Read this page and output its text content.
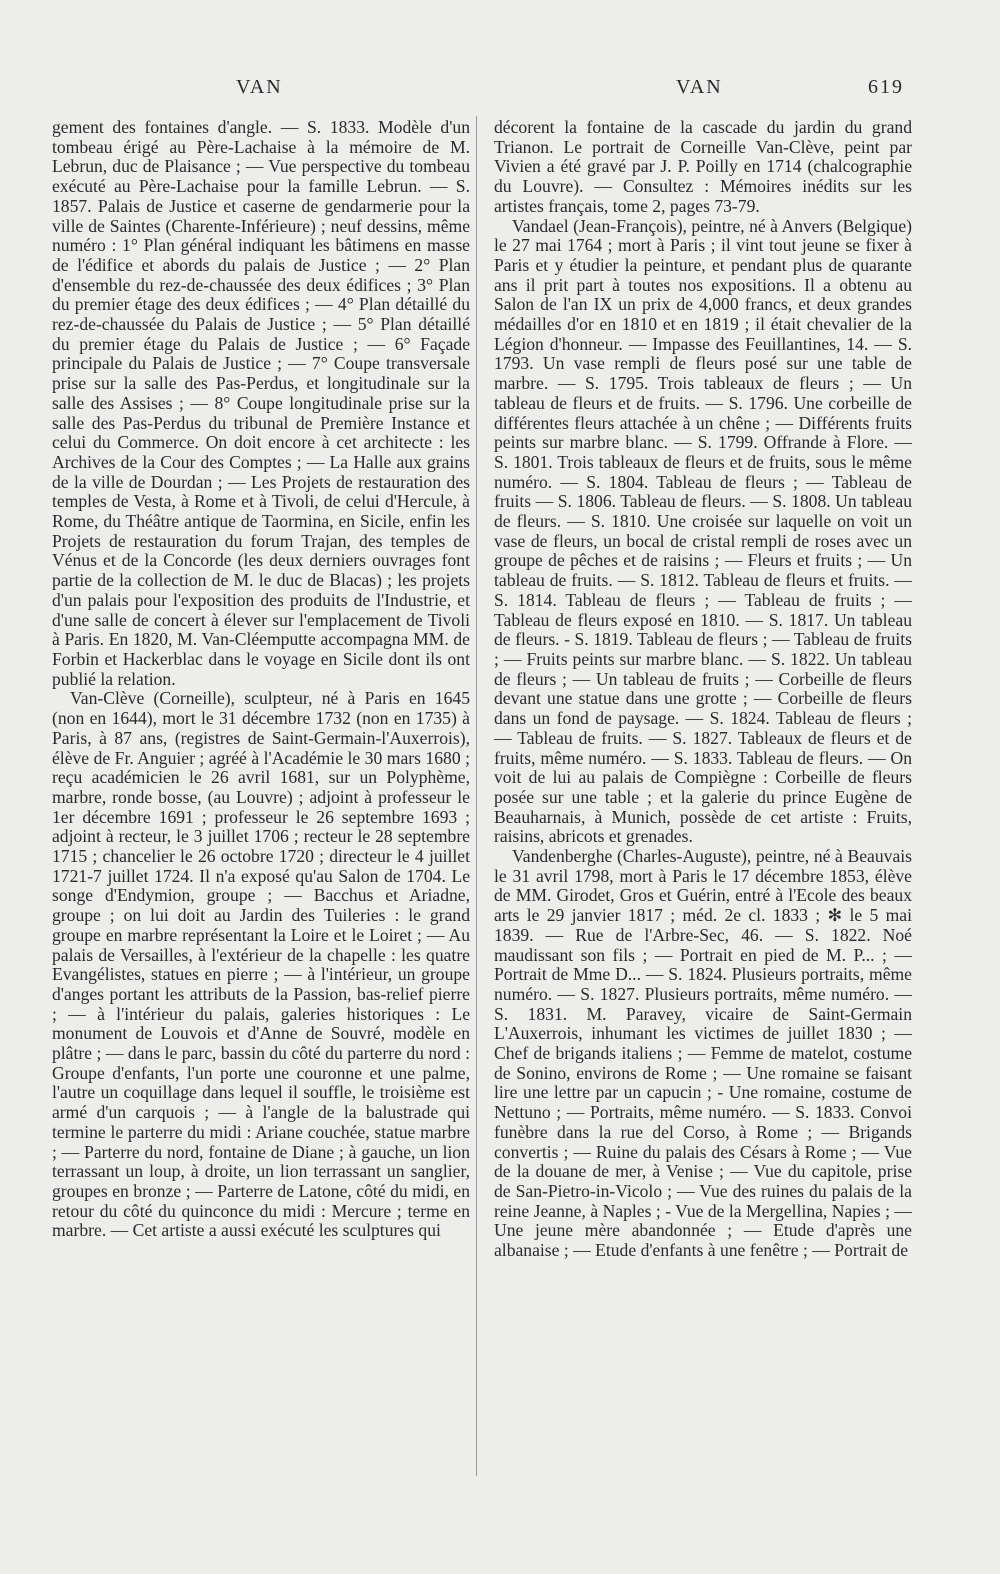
VAN	VAN	619

gement des fontaines d'angle. — S. 1833. Modèle d'un tombeau érigé au Père-Lachaise à la mémoire de M. Lebrun, duc de Plaisance ; — Vue perspective du tombeau exécuté au Père-Lachaise pour la famille Lebrun. — S. 1857. Palais de Justice et caserne de gendarmerie pour la ville de Saintes (Charente-Inférieure) ; neuf dessins, même numéro : 1° Plan général indiquant les bâtimens en masse de l'édifice et abords du palais de Justice ; — 2° Plan d'ensemble du rez-de-chaussée des deux édifices ; 3° Plan du premier étage des deux édifices ; — 4° Plan détaillé du rez-de-chaussée du Palais de Justice ; — 5° Plan détaillé du premier étage du Palais de Justice ; — 6° Façade principale du Palais de Justice ; — 7° Coupe transversale prise sur la salle des Pas-Perdus, et longitudinale sur la salle des Assises ; — 8° Coupe longitudinale prise sur la salle des Pas-Perdus du tribunal de Première Instance et celui du Commerce. On doit encore à cet architecte : les Archives de la Cour des Comptes ; — La Halle aux grains de la ville de Dourdan ; — Les Projets de restauration des temples de Vesta, à Rome et à Tivoli, de celui d'Hercule, à Rome, du Théâtre antique de Taormina, en Sicile, enfin les Projets de restauration du forum Trajan, des temples de Vénus et de la Concorde (les deux derniers ouvrages font partie de la collection de M. le duc de Blacas) ; les projets d'un palais pour l'exposition des produits de l'Industrie, et d'une salle de concert à élever sur l'emplacement de Tivoli à Paris. En 1820, M. Van-Cléemputte accompagna MM. de Forbin et Hackerblac dans le voyage en Sicile dont ils ont publié la relation.

Van-Clève (Corneille), sculpteur, né à Paris en 1645 (non en 1644), mort le 31 décembre 1732 (non en 1735) à Paris, à 87 ans, (registres de Saint-Germain-l'Auxerrois), élève de Fr. Anguier ; agréé à l'Académie le 30 mars 1680 ; reçu académicien le 26 avril 1681, sur un Polyphème, marbre, ronde bosse, (au Louvre) ; adjoint à professeur le 1er décembre 1691 ; professeur le 26 septembre 1693 ; adjoint à recteur, le 3 juillet 1706 ; recteur le 28 septembre 1715 ; chancelier le 26 octobre 1720 ; directeur le 4 juillet 1721-7 juillet 1724. Il n'a exposé qu'au Salon de 1704. Le songe d'Endymion, groupe ; — Bacchus et Ariadne, groupe ; on lui doit au Jardin des Tuileries : le grand groupe en marbre représentant la Loire et le Loiret ; — Au palais de Versailles, à l'extérieur de la chapelle : les quatre Evangélistes, statues en pierre ; — à l'intérieur, un groupe d'anges portant les attributs de la Passion, bas-relief pierre ; — à l'intérieur du palais, galeries historiques : Le monument de Louvois et d'Anne de Souvré, modèle en plâtre ; — dans le parc, bassin du côté du parterre du nord : Groupe d'enfants, l'un porte une couronne et une palme, l'autre un coquillage dans lequel il souffle, le troisième est armé d'un carquois ; — à l'angle de la balustrade qui termine le parterre du midi : Ariane couchée, statue marbre ; — Parterre du nord, fontaine de Diane ; à gauche, un lion terrassant un loup, à droite, un lion terrassant un sanglier, groupes en bronze ; — Parterre de Latone, côté du midi, en retour du côté du quinconce du midi : Mercure ; terme en marbre. — Cet artiste a aussi exécuté les sculptures qui

décorent la fontaine de la cascade du jardin du grand Trianon. Le portrait de Corneille Van-Clève, peint par Vivien a été gravé par J. P. Poilly en 1714 (chalcographie du Louvre). — Consultez : Mémoires inédits sur les artistes français, tome 2, pages 73-79.

Vandael (Jean-François), peintre, né à Anvers (Belgique) le 27 mai 1764 ; mort à Paris ; il vint tout jeune se fixer à Paris et y étudier la peinture, et pendant plus de quarante ans il prit part à toutes nos expositions. Il a obtenu au Salon de l'an IX un prix de 4,000 francs, et deux grandes médailles d'or en 1810 et en 1819 ; il était chevalier de la Légion d'honneur. — Impasse des Feuillantines, 14. — S. 1793. Un vase rempli de fleurs posé sur une table de marbre. — S. 1795. Trois tableaux de fleurs ; — Un tableau de fleurs et de fruits. — S. 1796. Une corbeille de différentes fleurs attachée à un chêne ; — Différents fruits peints sur marbre blanc. — S. 1799. Offrande à Flore. — S. 1801. Trois tableaux de fleurs et de fruits, sous le même numéro. — S. 1804. Tableau de fleurs ; — Tableau de fruits — S. 1806. Tableau de fleurs. — S. 1808. Un tableau de fleurs. — S. 1810. Une croisée sur laquelle on voit un vase de fleurs, un bocal de cristal rempli de roses avec un groupe de pêches et de raisins ; — Fleurs et fruits ; — Un tableau de fruits. — S. 1812. Tableau de fleurs et fruits. — S. 1814. Tableau de fleurs ; — Tableau de fruits ; — Tableau de fleurs exposé en 1810. — S. 1817. Un tableau de fleurs. - S. 1819. Tableau de fleurs ; — Tableau de fruits ; — Fruits peints sur marbre blanc. — S. 1822. Un tableau de fleurs ; — Un tableau de fruits ; — Corbeille de fleurs devant une statue dans une grotte ; — Corbeille de fleurs dans un fond de paysage. — S. 1824. Tableau de fleurs ; — Tableau de fruits. — S. 1827. Tableaux de fleurs et de fruits, même numéro. — S. 1833. Tableau de fleurs. — On voit de lui au palais de Compiègne : Corbeille de fleurs posée sur une table ; et la galerie du prince Eugène de Beauharnais, à Munich, possède de cet artiste : Fruits, raisins, abricots et grenades.

Vandenberghe (Charles-Auguste), peintre, né à Beauvais le 31 avril 1798, mort à Paris le 17 décembre 1853, élève de MM. Girodet, Gros et Guérin, entré à l'Ecole des beaux arts le 29 janvier 1817 ; méd. 2e cl. 1833 ; ✻ le 5 mai 1839. — Rue de l'Arbre-Sec, 46. — S. 1822. Noé maudissant son fils ; — Portrait en pied de M. P... ; — Portrait de Mme D... — S. 1824. Plusieurs portraits, même numéro. — S. 1827. Plusieurs portraits, même numéro. — S. 1831. M. Paravey, vicaire de Saint-Germain L'Auxerrois, inhumant les victimes de juillet 1830 ; — Chef de brigands italiens ; — Femme de matelot, costume de Sonino, environs de Rome ; — Une romaine se faisant lire une lettre par un capucin ; - Une romaine, costume de Nettuno ; — Portraits, même numéro. — S. 1833. Convoi funèbre dans la rue del Corso, à Rome ; — Brigands convertis ; — Ruine du palais des Césars à Rome ; — Vue de la douane de mer, à Venise ; — Vue du capitole, prise de San-Pietro-in-Vicolo ; — Vue des ruines du palais de la reine Jeanne, à Naples ; - Vue de la Mergellina, Napies ; — Une jeune mère abandonnée ; — Etude d'après une albanaise ; — Etude d'enfants à une fenêtre ; — Portrait de
